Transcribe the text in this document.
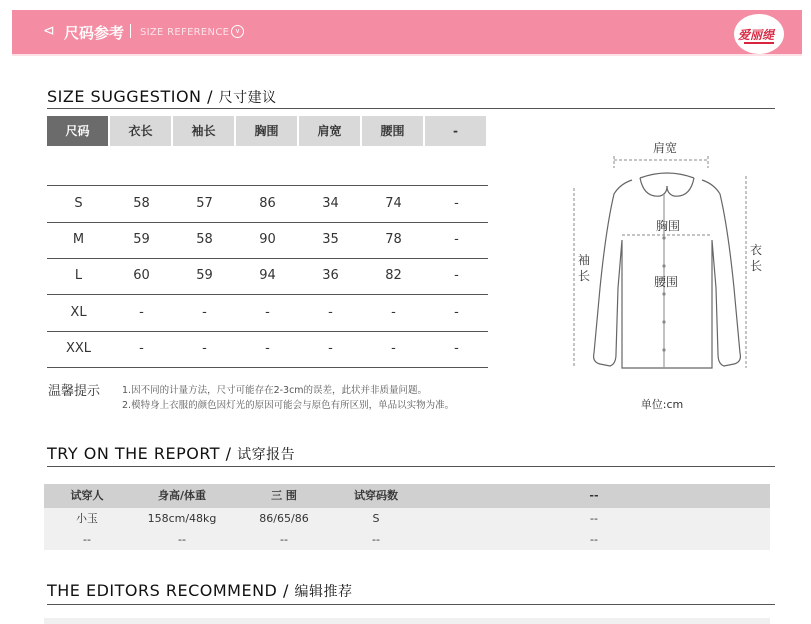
⊲ 尺码参考 SIZE REFERENCE ∨	爱丽缇
SIZE SUGGESTION / 尺寸建议
尺码	衣长	袖长	胸围	肩宽	腰围	-
S	58	57	86	34	74	-
M	59	58	90	35	78	-
L	60	59	94	36	82	-
XL	-	-	-	-	-	-
XXL	-	-	-	-	-	-
温馨提示 1.因不同的计量方法，尺寸可能存在2-3cm的误差，此状并非质量问题。
2.模特身上衣服的颜色因灯光的原因可能会与原色有所区别，单品以实物为准。
肩宽
胸围
腰围
袖
长
衣
长
单位:cm
TRY ON THE REPORT / 试穿报告
试穿人	身高/体重	三 围	试穿码数	--
小玉	158cm/48kg	86/65/86	S	--
--	--	--	--	--
THE EDITORS RECOMMEND / 编辑推荐
